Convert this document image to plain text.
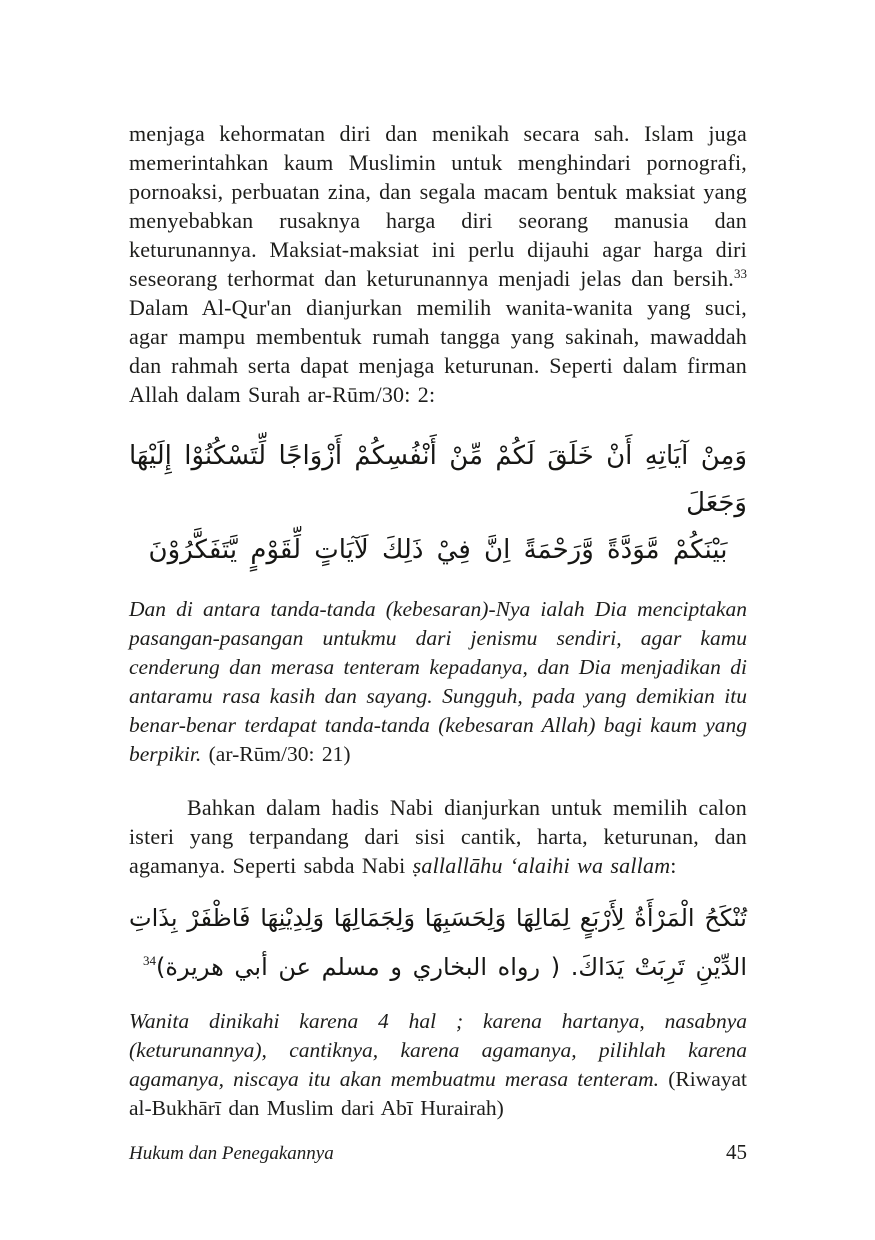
menjaga kehormatan diri dan menikah secara sah. Islam juga memerintahkan kaum Muslimin untuk menghindari pornografi, pornoaksi, perbuatan zina, dan segala macam bentuk maksiat yang menyebabkan rusaknya harga diri seorang manusia dan keturunannya. Maksiat-maksiat ini perlu dijauhi agar harga diri seseorang terhormat dan keturunannya menjadi jelas dan bersih.$^{33}$ Dalam Al-Qur'an dianjurkan memilih wanita-wanita yang suci, agar mampu membentuk rumah tangga yang sakinah, mawaddah dan rahmah serta dapat menjaga keturunan. Seperti dalam firman Allah dalam Surah ar-Rūm/30: 2:

وَمِنْ آيَاتِهِ أَنْ خَلَقَ لَكُمْ مِّنْ أَنْفُسِكُمْ أَزْوَاجًا لِّتَسْكُنُوْا إِلَيْهَا وَجَعَلَ
بَيْنَكُمْ مَّوَدَّةً وَّرَحْمَةً اِنَّ فِيْ ذَلِكَ لَآيَاتٍ لِّقَوْمٍ يَّتَفَكَّرُوْنَ

Dan di antara tanda-tanda (kebesaran)-Nya ialah Dia menciptakan pasangan-pasangan untukmu dari jenismu sendiri, agar kamu cenderung dan merasa tenteram kepadanya, dan Dia menjadikan di antaramu rasa kasih dan sayang. Sungguh, pada yang demikian itu benar-benar terdapat tanda-tanda (kebesaran Allah) bagi kaum yang berpikir. (ar-Rūm/30: 21)

Bahkan dalam hadis Nabi dianjurkan untuk memilih calon isteri yang terpandang dari sisi cantik, harta, keturunan, dan agamanya. Seperti sabda Nabi ṣallallāhu ‘alaihi wa sallam:

تُنْكَحُ الْمَرْأَةُ لِأَرْبَعٍ لِمَالِهَا وَلِحَسَبِهَا وَلِجَمَالِهَا وَلِدِيْنِهَا فَاظْفَرْ بِذَاتِ
الدِّيْنِ تَرِبَتْ يَدَاكَ. ( رواه البخاري و مسلم عن أبي هريرة)$^{34}$

Wanita dinikahi karena 4 hal ; karena hartanya, nasabnya (keturunannya), cantiknya, karena agamanya, pilihlah karena agamanya, niscaya itu akan membuatmu merasa tenteram. (Riwayat al-Bukhārī dan Muslim dari Abī Hurairah)

Hukum dan Penegakannya	45
